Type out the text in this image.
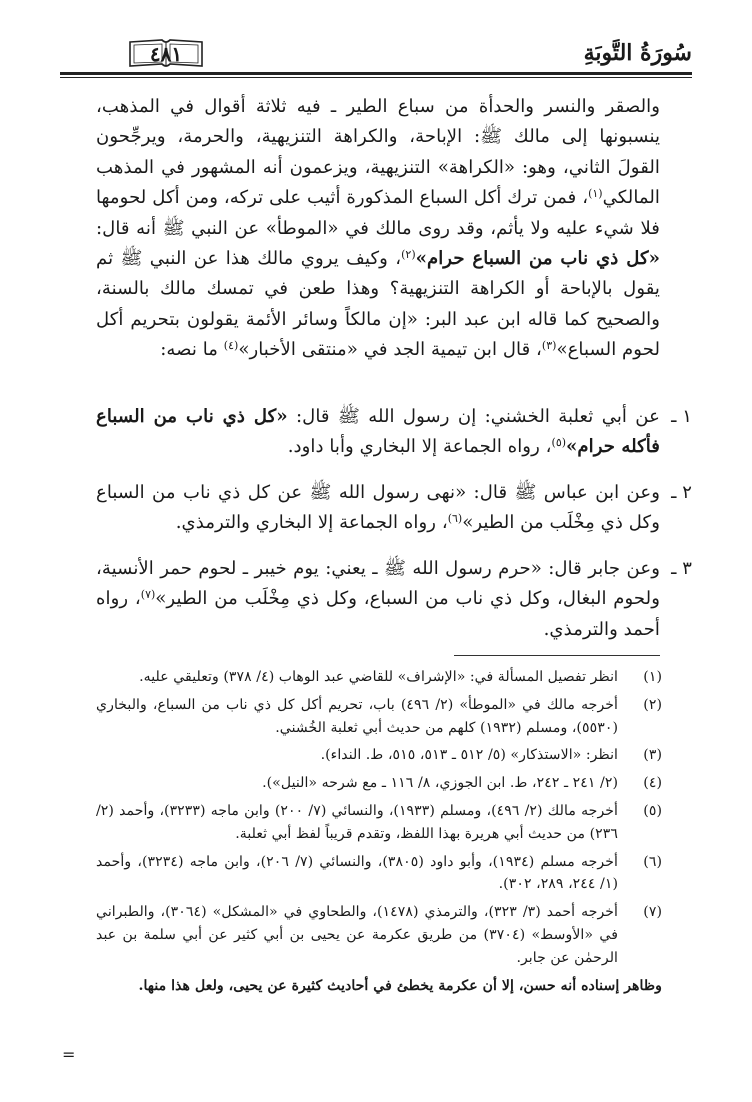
سُورَةُ التَّوبَةِ
٤٨١

والصقر والنسر والحدأة من سباع الطير ـ فيه ثلاثة أقوال في المذهب، ينسبونها إلى مالك ﷺ: الإباحة، والكراهة التنزيهية، والحرمة، ويرجِّحون القولَ الثاني، وهو: «الكراهة» التنزيهية، ويزعمون أنه المشهور في المذهب المالكي$^{(١)}$، فمن ترك أكل السباع المذكورة أثيب على تركه، ومن أكل لحومها فلا شيء عليه ولا يأثم، وقد روى مالك في «الموطأ» عن النبي ﷺ أنه قال: «كل ذي ناب من السباع حرام»$^{(٢)}$، وكيف يروي مالك هذا عن النبي ﷺ ثم يقول بالإباحة أو الكراهة التنزيهية؟ وهذا طعن في تمسك مالك بالسنة، والصحيح كما قاله ابن عبد البر: «إن مالكاً وسائر الأئمة يقولون بتحريم أكل لحوم السباع»$^{(٣)}$، قال ابن تيمية الجد في «منتقى الأخبار»$^{(٤)}$ ما نصه:

١ ـ
عن أبي ثعلبة الخشني: إن رسول الله ﷺ قال: «كل ذي ناب من السباع فأكله حرام»$^{(٥)}$، رواه الجماعة إلا البخاري وأبا داود.
٢ ـ
وعن ابن عباس ﷺ قال: «نهى رسول الله ﷺ عن كل ذي ناب من السباع وكل ذي مِخْلَب من الطير»$^{(٦)}$، رواه الجماعة إلا البخاري والترمذي.
٣ ـ
وعن جابر قال: «حرم رسول الله ﷺ ـ يعني: يوم خيبر ـ لحوم حمر الأنسية، ولحوم البغال، وكل ذي ناب من السباع، وكل ذي مِخْلَب من الطير»$^{(٧)}$، رواه أحمد والترمذي.
(١)
انظر تفصيل المسألة في: «الإشراف» للقاضي عبد الوهاب (٤/ ٣٧٨) وتعليقي عليه.
(٢)
أخرجه مالك في «الموطأ» (٢/ ٤٩٦) باب، تحريم أكل كل ذي ناب من السباع، والبخاري (٥٥٣٠)، ومسلم (١٩٣٢) كلهم من حديث أبي ثعلبة الخُشني.
(٣)
انظر: «الاستذكار» (٥/ ٥١٢ ـ ٥١٣، ٥١٥، ط. النداء).
(٤)
(٢/ ٢٤١ ـ ٢٤٢، ط. ابن الجوزي، ٨/ ١١٦ ـ مع شرحه «النيل»).
(٥)
أخرجه مالك (٢/ ٤٩٦)، ومسلم (١٩٣٣)، والنسائي (٧/ ٢٠٠) وابن ماجه (٣٢٣٣)، وأحمد (٢/ ٢٣٦) من حديث أبي هريرة بهذا اللفظ، وتقدم قريباً لفظ أبي ثعلبة.
(٦)
أخرجه مسلم (١٩٣٤)، وأبو داود (٣٨٠٥)، والنسائي (٧/ ٢٠٦)، وابن ماجه (٣٢٣٤)، وأحمد (١/ ٢٤٤، ٢٨٩، ٣٠٢).
(٧)
أخرجه أحمد (٣/ ٣٢٣)، والترمذي (١٤٧٨)، والطحاوي في «المشكل» (٣٠٦٤)، والطبراني في «الأوسط» (٣٧٠٤) من طريق عكرمة عن يحيى بن أبي كثير عن أبي سلمة بن عبد الرحمٰن عن جابر.
وظاهر إسناده أنه حسن، إلا أن عكرمة يخطئ في أحاديث كثيرة عن يحيى، ولعل هذا منها.
=
